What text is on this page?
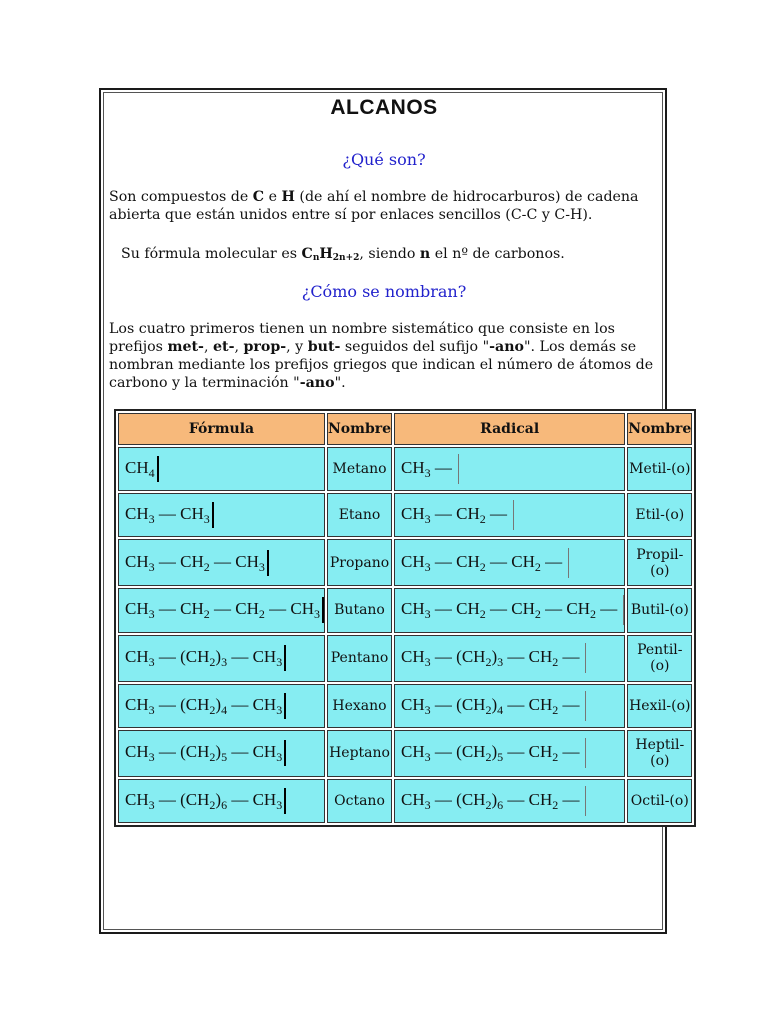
ALCANOS
¿Qué son?
Son compuestos de C e H (de ahí el nombre de hidrocarburos) de cadena abierta que están unidos entre sí por enlaces sencillos (C-C y C-H).
Su fórmula molecular es $C_nH_{2n+2}$, siendo n el nº de carbonos.
¿Cómo se nombran?
Los cuatro primeros tienen un nombre sistemático que consiste en los prefijos met-, et-, prop-, y but- seguidos del sufijo "-ano". Los demás se nombran mediante los prefijos griegos que indican el número de átomos de carbono y la terminación "-ano".
Fórmula	Nombre	Radical	Nombre
$CH_4$	Metano	$CH_3$ —	Metil-(o)
$CH_3$ — $CH_3$	Etano	$CH_3$ — $CH_2$ —	Etil-(o)
$CH_3$ — $CH_2$ — $CH_3$	Propano	$CH_3$ — $CH_2$ — $CH_2$ —	Propil-(o)
$CH_3$ — $CH_2$ — $CH_2$ — $CH_3$	Butano	$CH_3$ — $CH_2$ — $CH_2$ — $CH_2$ —	Butil-(o)
$CH_3$ — $(CH_2)_3$ — $CH_3$	Pentano	$CH_3$ — $(CH_2)_3$ — $CH_2$ —	Pentil-(o)
$CH_3$ — $(CH_2)_4$ — $CH_3$	Hexano	$CH_3$ — $(CH_2)_4$ — $CH_2$ —	Hexil-(o)
$CH_3$ — $(CH_2)_5$ — $CH_3$	Heptano	$CH_3$ — $(CH_2)_5$ — $CH_2$ —	Heptil-(o)
$CH_3$ — $(CH_2)_6$ — $CH_3$	Octano	$CH_3$ — $(CH_2)_6$ — $CH_2$ —	Octil-(o)
